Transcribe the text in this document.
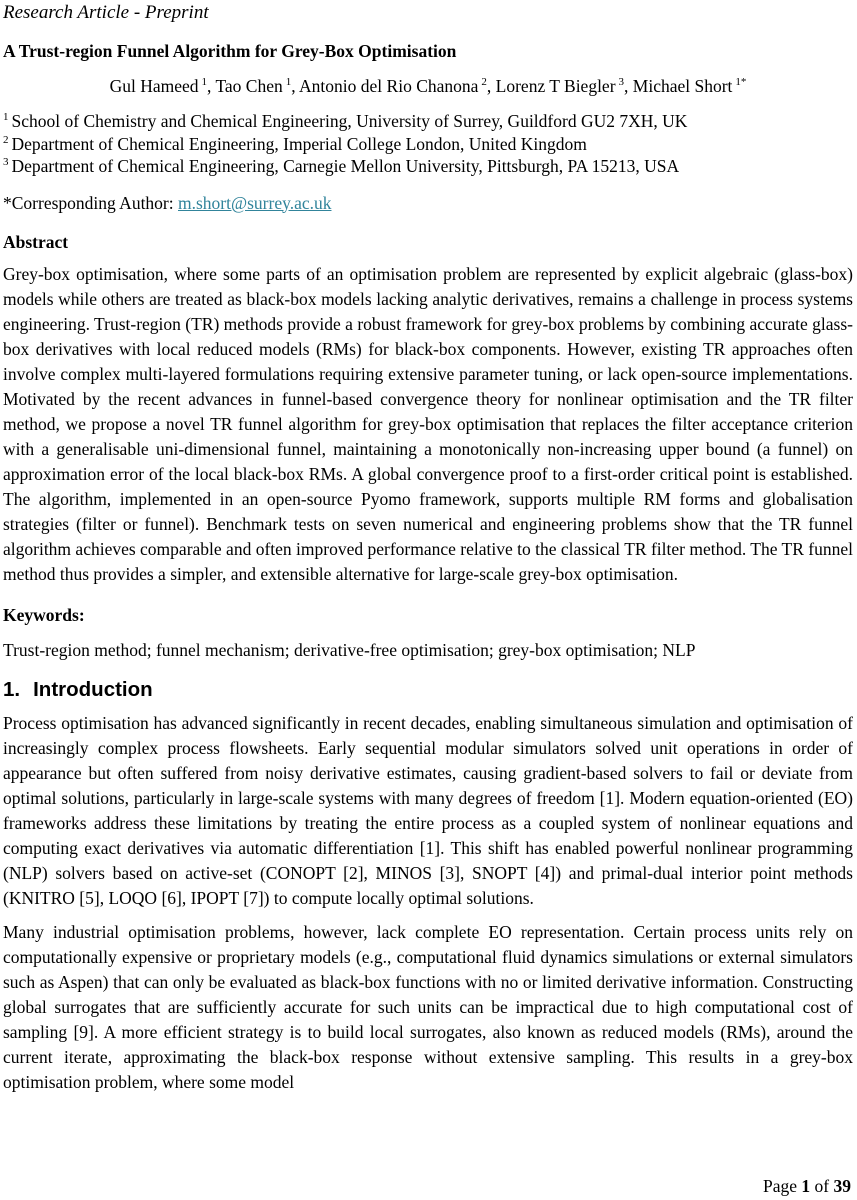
Research Article - Preprint
A Trust-region Funnel Algorithm for Grey-Box Optimisation
Gul Hameed $^1$, Tao Chen $^1$, Antonio del Rio Chanona $^2$, Lorenz T Biegler $^3$, Michael Short $^{1*}$
$^1$ School of Chemistry and Chemical Engineering, University of Surrey, Guildford GU2 7XH, UK
$^2$ Department of Chemical Engineering, Imperial College London, United Kingdom
$^3$ Department of Chemical Engineering, Carnegie Mellon University, Pittsburgh, PA 15213, USA
*Corresponding Author: m.short@surrey.ac.uk
Abstract

Grey-box optimisation, where some parts of an optimisation problem are represented by explicit algebraic (glass-box) models while others are treated as black-box models lacking analytic derivatives, remains a challenge in process systems engineering. Trust-region (TR) methods provide a robust framework for grey-box problems by combining accurate glass-box derivatives with local reduced models (RMs) for black-box components. However, existing TR approaches often involve complex multi-layered formulations requiring extensive parameter tuning, or lack open-source implementations. Motivated by the recent advances in funnel-based convergence theory for nonlinear optimisation and the TR filter method, we propose a novel TR funnel algorithm for grey-box optimisation that replaces the filter acceptance criterion with a generalisable uni-dimensional funnel, maintaining a monotonically non-increasing upper bound (a funnel) on approximation error of the local black-box RMs. A global convergence proof to a first-order critical point is established. The algorithm, implemented in an open-source Pyomo framework, supports multiple RM forms and globalisation strategies (filter or funnel). Benchmark tests on seven numerical and engineering problems show that the TR funnel algorithm achieves comparable and often improved performance relative to the classical TR filter method. The TR funnel method thus provides a simpler, and extensible alternative for large-scale grey-box optimisation.

Keywords:
Trust-region method; funnel mechanism; derivative-free optimisation; grey-box optimisation; NLP
1. Introduction

Process optimisation has advanced significantly in recent decades, enabling simultaneous simulation and optimisation of increasingly complex process flowsheets. Early sequential modular simulators solved unit operations in order of appearance but often suffered from noisy derivative estimates, causing gradient-based solvers to fail or deviate from optimal solutions, particularly in large-scale systems with many degrees of freedom [1]. Modern equation-oriented (EO) frameworks address these limitations by treating the entire process as a coupled system of nonlinear equations and computing exact derivatives via automatic differentiation [1]. This shift has enabled powerful nonlinear programming (NLP) solvers based on active-set (CONOPT [2], MINOS [3], SNOPT [4]) and primal-dual interior point methods (KNITRO [5], LOQO [6], IPOPT [7]) to compute locally optimal solutions.

Many industrial optimisation problems, however, lack complete EO representation. Certain process units rely on computationally expensive or proprietary models (e.g., computational fluid dynamics simulations or external simulators such as Aspen) that can only be evaluated as black-box functions with no or limited derivative information. Constructing global surrogates that are sufficiently accurate for such units can be impractical due to high computational cost of sampling [9]. A more efficient strategy is to build local surrogates, also known as reduced models (RMs), around the current iterate, approximating the black-box response without extensive sampling. This results in a grey-box optimisation problem, where some model

Page 1 of 39
